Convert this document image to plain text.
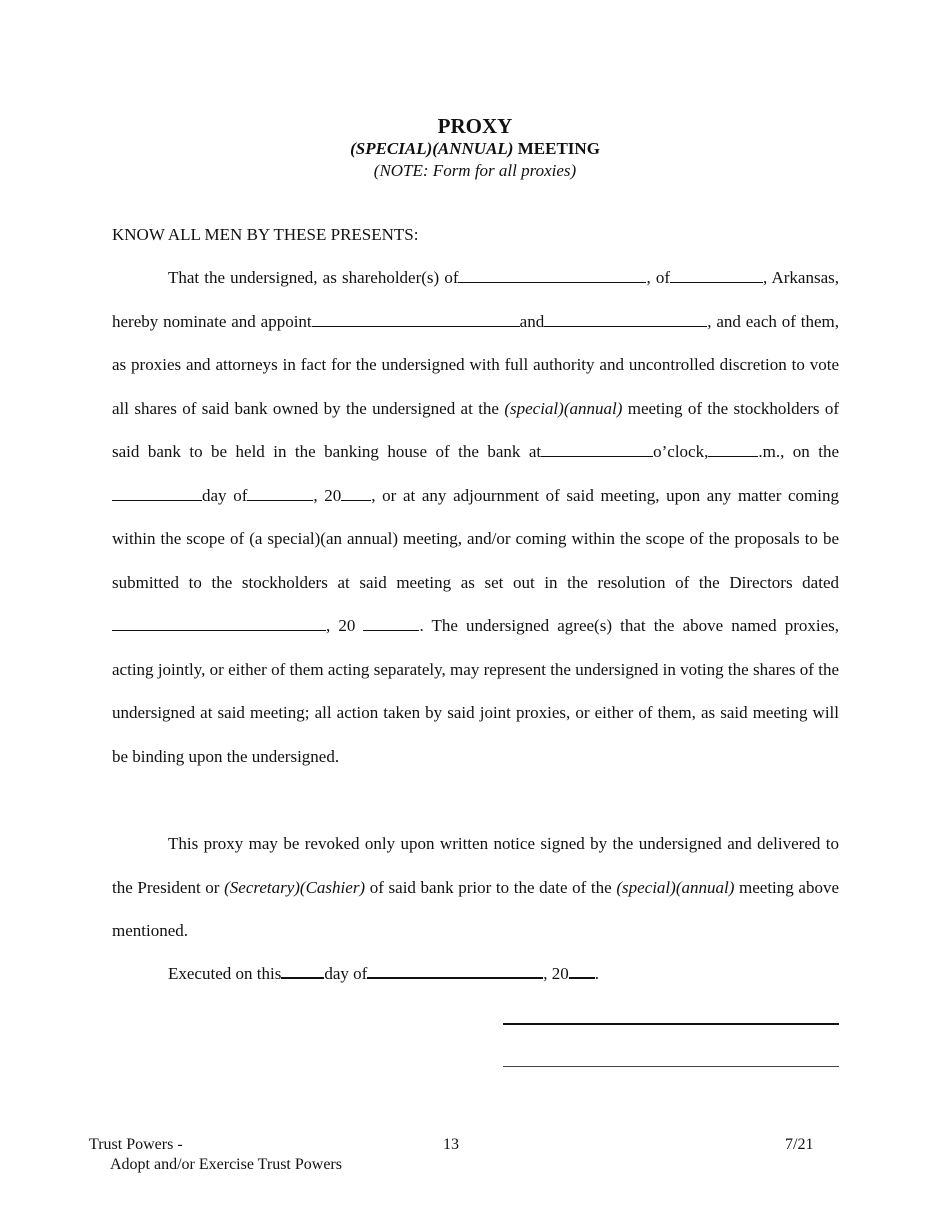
PROXY
(SPECIAL)(ANNUAL) MEETING
(NOTE: Form for all proxies)
KNOW ALL MEN BY THESE PRESENTS:
That the undersigned, as shareholder(s) of	, of	, Arkansas, hereby nominate and appoint	and	, and each of them, as proxies and attorneys in fact for the undersigned with full authority and uncontrolled discretion to vote all shares of said bank owned by the undersigned at the (special)(annual) meeting of the stockholders of said bank to be held in the banking house of the bank at	o’clock,	.m., on theday of	, 20 , or at any adjournment of said meeting, upon any matter coming within the scope of (a special)(an annual) meeting, and/or coming within the scope of the proposals to be submitted to the stockholders at said meeting as set out in the resolution of the Directors dated, 20	. The undersigned agree(s) that the above named proxies, acting jointly, or either of them acting separately, may represent the undersigned in voting the shares of the undersigned at said meeting; all action taken by said joint proxies, or either of them, as said meeting will be binding upon the undersigned.
This proxy may be revoked only upon written notice signed by the undersigned and delivered to the President or (Secretary)(Cashier) of said bank prior to the date of the (special)(annual) meeting above mentioned.
Executed on this	day of	, 20 .
Trust Powers -
Adopt and/or Exercise Trust Powers
13	7/21
